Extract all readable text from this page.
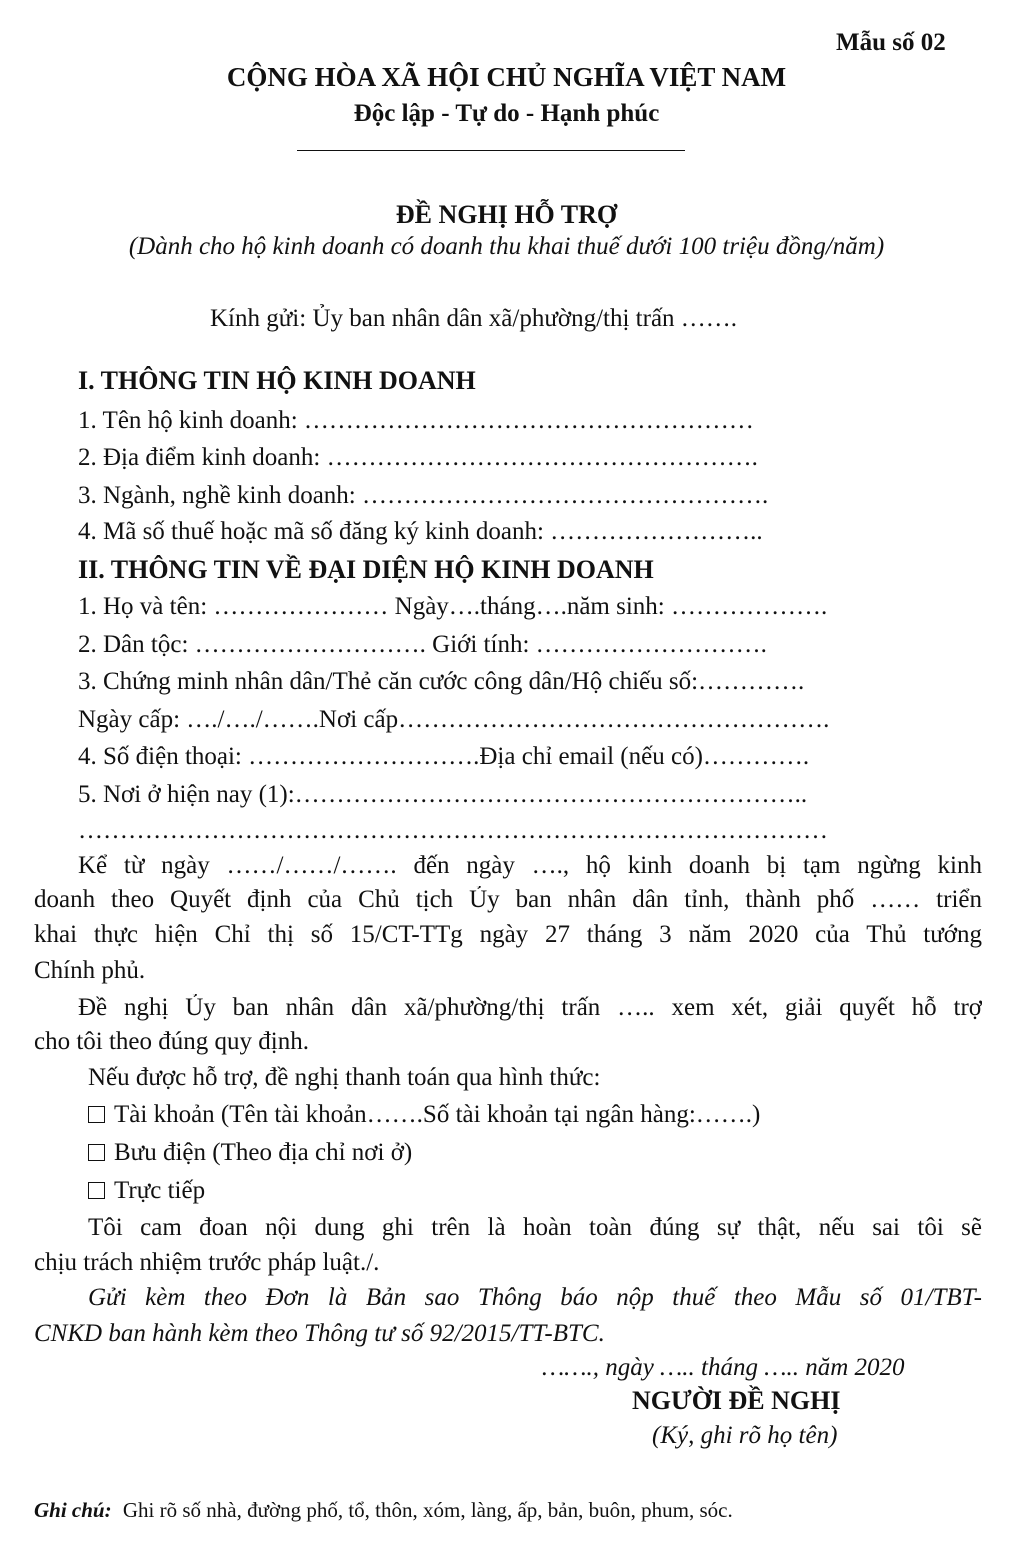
Mẫu số 02
CỘNG HÒA XÃ HỘI CHỦ NGHĨA VIỆT NAM
Độc lập - Tự do - Hạnh phúc
ĐỀ NGHỊ HỖ TRỢ
(Dành cho hộ kinh doanh có doanh thu khai thuế dưới 100 triệu đồng/năm)
Kính gửi: Ủy ban nhân dân xã/phường/thị trấn …….
I. THÔNG TIN HỘ KINH DOANH
1. Tên hộ kinh doanh: ………………………………………………
2. Địa điểm kinh doanh: …………………………………………….
3. Ngành, nghề kinh doanh: ………………………………………….
4. Mã số thuế hoặc mã số đăng ký kinh doanh: ……………………..
II. THÔNG TIN VỀ ĐẠI DIỆN HỘ KINH DOANH
1. Họ và tên: ………………… Ngày….tháng….năm sinh: ……………….
2. Dân tộc: ………………………. Giới tính: ……………………….
3. Chứng minh nhân dân/Thẻ căn cước công dân/Hộ chiếu số:………….
Ngày cấp: …./…./…….Nơi cấp…………………………………………….
4. Số điện thoại: ……………………….Địa chỉ email (nếu có)………….
5. Nơi ở hiện nay (1):……………………………………………………..
………………………………………………………………………………
Kể từ ngày ……/……/……. đến ngày …., hộ kinh doanh bị tạm ngừng kinh
doanh theo Quyết định của Chủ tịch Ủy ban nhân dân tỉnh, thành phố …… triển
khai thực hiện Chỉ thị số 15/CT-TTg ngày 27 tháng 3 năm 2020 của Thủ tướng
Chính phủ.
Đề nghị Ủy ban nhân dân xã/phường/thị trấn ….. xem xét, giải quyết hỗ trợ
cho tôi theo đúng quy định.
Nếu được hỗ trợ, đề nghị thanh toán qua hình thức:
Tài khoản (Tên tài khoản…….Số tài khoản tại ngân hàng:…….)
Bưu điện (Theo địa chỉ nơi ở)
Trực tiếp
Tôi cam đoan nội dung ghi trên là hoàn toàn đúng sự thật, nếu sai tôi sẽ
chịu trách nhiệm trước pháp luật./.
Gửi kèm theo Đơn là Bản sao Thông báo nộp thuế theo Mẫu số 01/TBT-
CNKD ban hành kèm theo Thông tư số 92/2015/TT-BTC.
……., ngày ….. tháng ….. năm 2020
NGƯỜI ĐỀ NGHỊ
(Ký, ghi rõ họ tên)
Ghi chú: Ghi rõ số nhà, đường phố, tổ, thôn, xóm, làng, ấp, bản, buôn, phum, sóc.
